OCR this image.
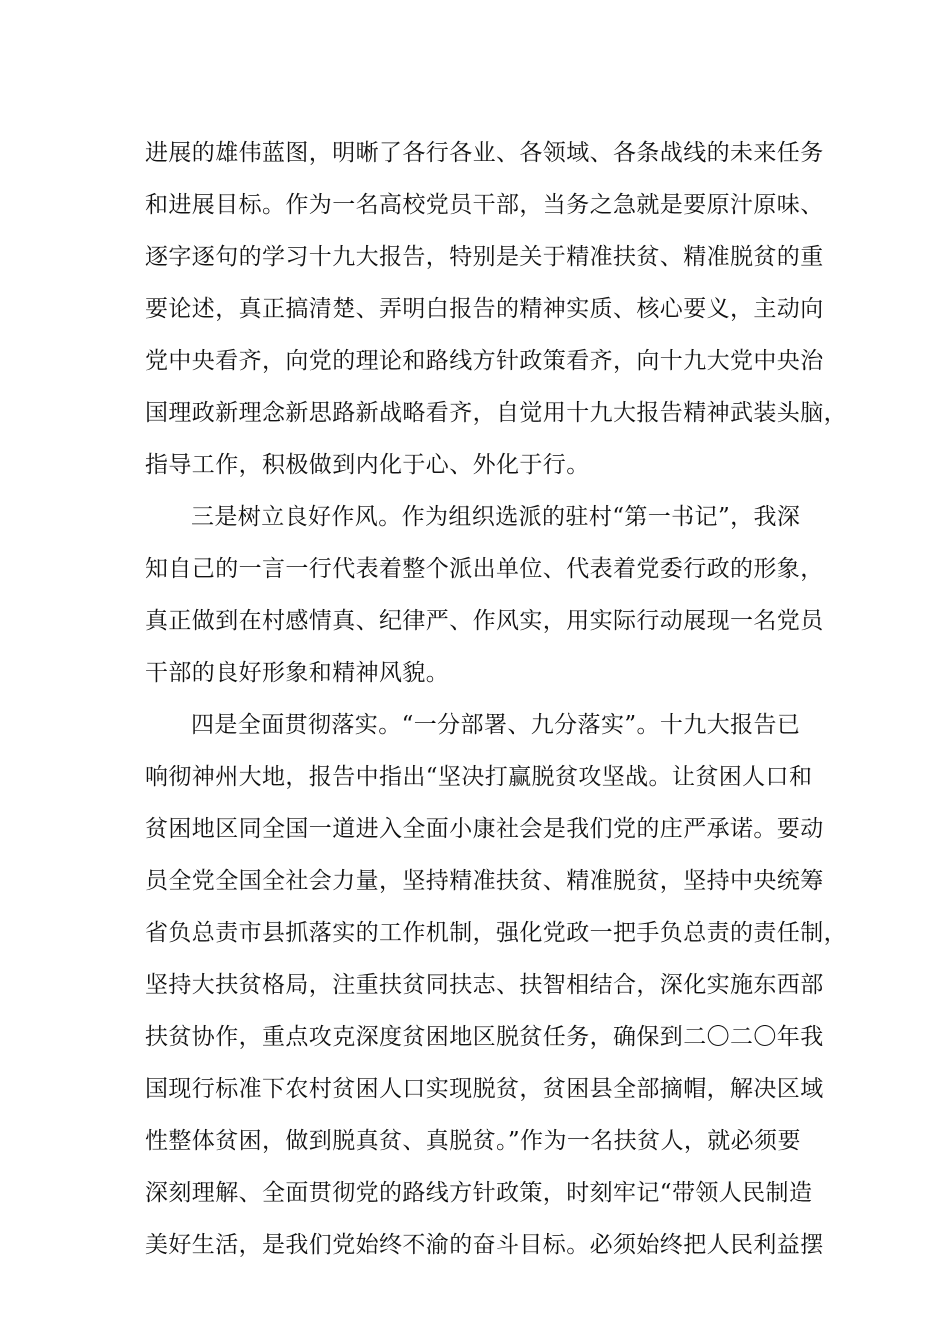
进展的雄伟蓝图，明晰了各行各业、各领域、各条战线的未来任务

和进展目标。作为一名高校党员干部，当务之急就是要原汁原味、

逐字逐句的学习十九大报告，特别是关于精准扶贫、精准脱贫的重

要论述，真正搞清楚、弄明白报告的精神实质、核心要义，主动向

党中央看齐，向党的理论和路线方针政策看齐，向十九大党中央治

国理政新理念新思路新战略看齐，自觉用十九大报告精神武装头脑，

指导工作，积极做到内化于心、外化于行。

三是树立良好作风。作为组织选派的驻村“第一书记”，我深

知自己的一言一行代表着整个派出单位、代表着党委行政的形象，

真正做到在村感情真、纪律严、作风实，用实际行动展现一名党员

干部的良好形象和精神风貌。

四是全面贯彻落实。“一分部署、九分落实”。十九大报告已

响彻神州大地，报告中指出“坚决打赢脱贫攻坚战。让贫困人口和

贫困地区同全国一道进入全面小康社会是我们党的庄严承诺。要动

员全党全国全社会力量，坚持精准扶贫、精准脱贫，坚持中央统筹

省负总责市县抓落实的工作机制，强化党政一把手负总责的责任制，

坚持大扶贫格局，注重扶贫同扶志、扶智相结合，深化实施东西部

扶贫协作，重点攻克深度贫困地区脱贫任务，确保到二〇二〇年我

国现行标准下农村贫困人口实现脱贫，贫困县全部摘帽，解决区域

性整体贫困，做到脱真贫、真脱贫。”作为一名扶贫人，就必须要

深刻理解、全面贯彻党的路线方针政策，时刻牢记“带领人民制造

美好生活，是我们党始终不渝的奋斗目标。必须始终把人民利益摆
